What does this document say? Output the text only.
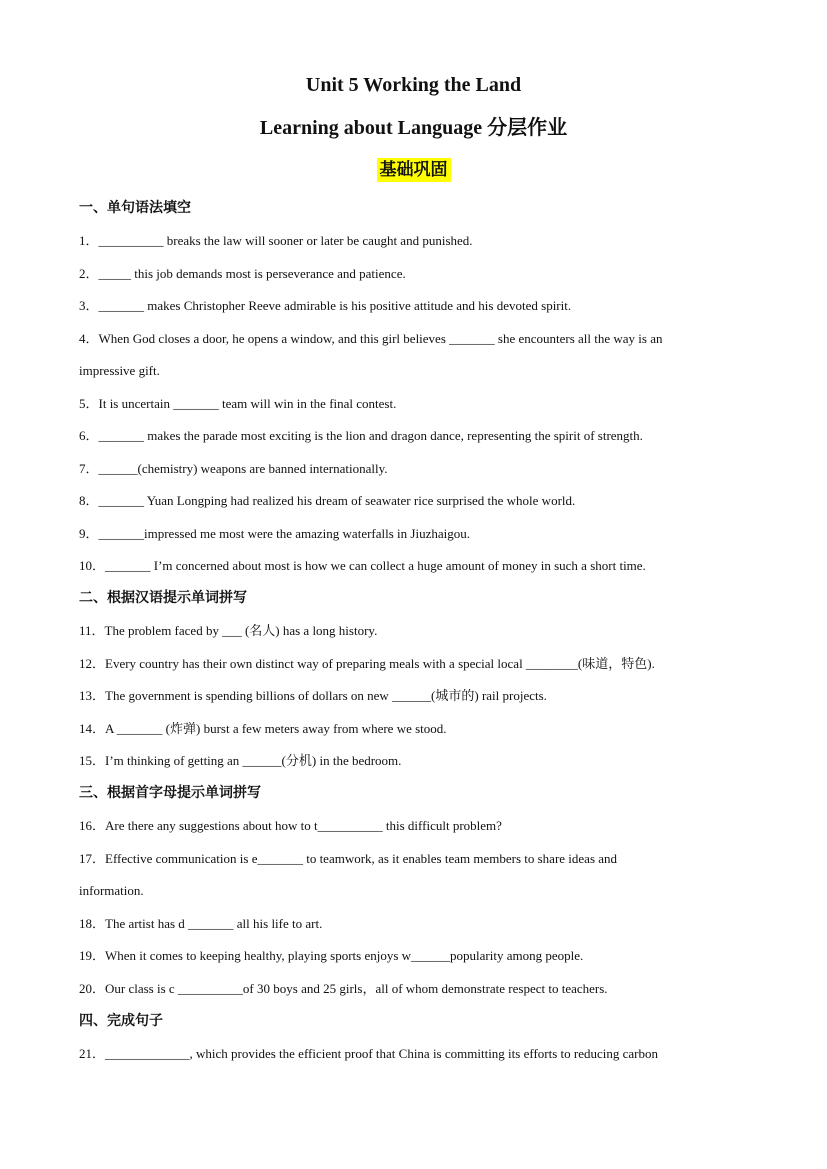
Unit 5 Working the Land
Learning about Language 分层作业
基础巩固
一、单句语法填空
1．__________ breaks the law will sooner or later be caught and punished.
2．_____ this job demands most is perseverance and patience.
3．_______ makes Christopher Reeve admirable is his positive attitude and his devoted spirit.
4．When God closes a door, he opens a window, and this girl believes _______ she encounters all the way is an
impressive gift.
5．It is uncertain _______ team will win in the final contest.
6．_______ makes the parade most exciting is the lion and dragon dance, representing the spirit of strength.
7．______(chemistry) weapons are banned internationally.
8．_______ Yuan Longping had realized his dream of seawater rice surprised the whole world.
9．_______impressed me most were the amazing waterfalls in Jiuzhaigou.
10．_______ I’m concerned about most is how we can collect a huge amount of money in such a short time.
二、根据汉语提示单词拼写
11．The problem faced by ___ (名人) has a long history.
12．Every country has their own distinct way of preparing meals with a special local ________(味道，特色).
13．The government is spending billions of dollars on new ______(城市的) rail projects.
14．A _______ (炸弹) burst a few meters away from where we stood.
15．I’m thinking of getting an ______(分机) in the bedroom.
三、根据首字母提示单词拼写
16．Are there any suggestions about how to t__________ this difficult problem?
17．Effective communication is e_______ to teamwork, as it enables team members to share ideas and
information.
18．The artist has d _______ all his life to art.
19．When it comes to keeping healthy, playing sports enjoys w______popularity among people.
20．Our class is c __________of 30 boys and 25 girls，all of whom demonstrate respect to teachers.
四、完成句子
21．_____________, which provides the efficient proof that China is committing its efforts to reducing carbon
